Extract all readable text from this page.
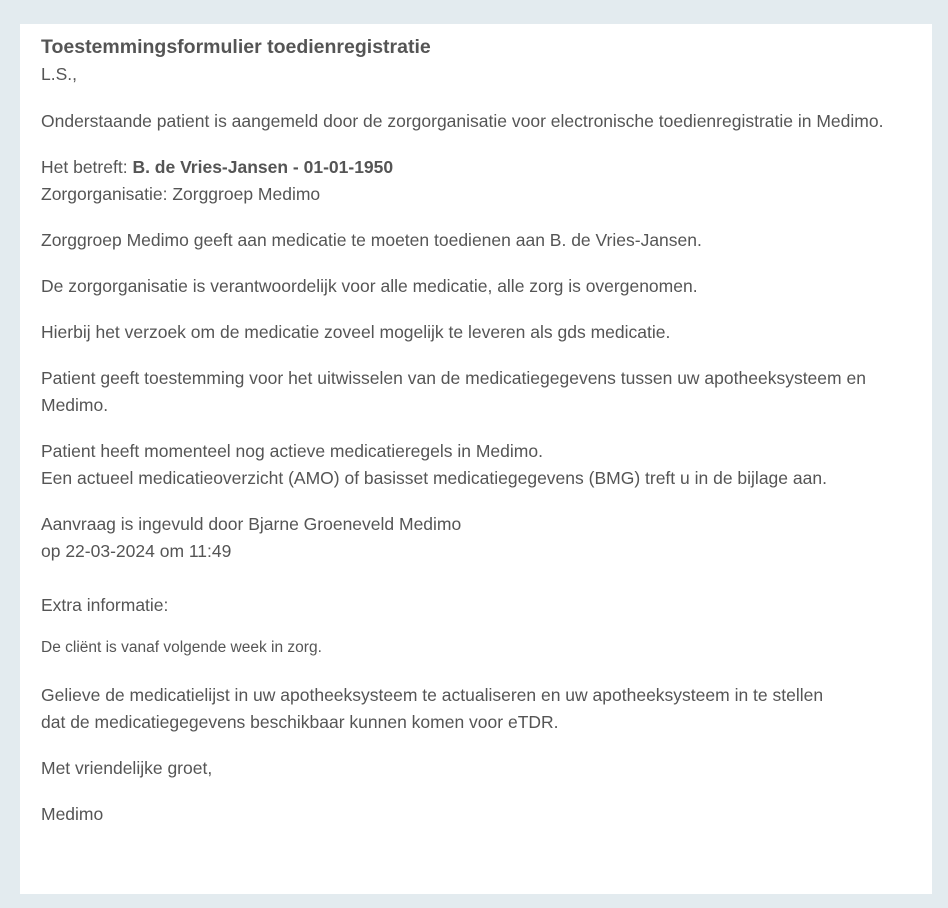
Toestemmingsformulier toedienregistratie
L.S.,
Onderstaande patient is aangemeld door de zorgorganisatie voor electronische toedienregistratie in Medimo.
Het betreft: B. de Vries-Jansen - 01-01-1950
Zorgorganisatie: Zorggroep Medimo
Zorggroep Medimo geeft aan medicatie te moeten toedienen aan B. de Vries-Jansen.
De zorgorganisatie is verantwoordelijk voor alle medicatie, alle zorg is overgenomen.
Hierbij het verzoek om de medicatie zoveel mogelijk te leveren als gds medicatie.
Patient geeft toestemming voor het uitwisselen van de medicatiegegevens tussen uw apotheeksysteem en Medimo.
Patient heeft momenteel nog actieve medicatieregels in Medimo.
Een actueel medicatieoverzicht (AMO) of basisset medicatiegegevens (BMG) treft u in de bijlage aan.
Aanvraag is ingevuld door Bjarne Groeneveld Medimo
op 22-03-2024 om 11:49
Extra informatie:
De cliënt is vanaf volgende week in zorg.
Gelieve de medicatielijst in uw apotheeksysteem te actualiseren en uw apotheeksysteem in te stellen
dat de medicatiegegevens beschikbaar kunnen komen voor eTDR.
Met vriendelijke groet,
Medimo
